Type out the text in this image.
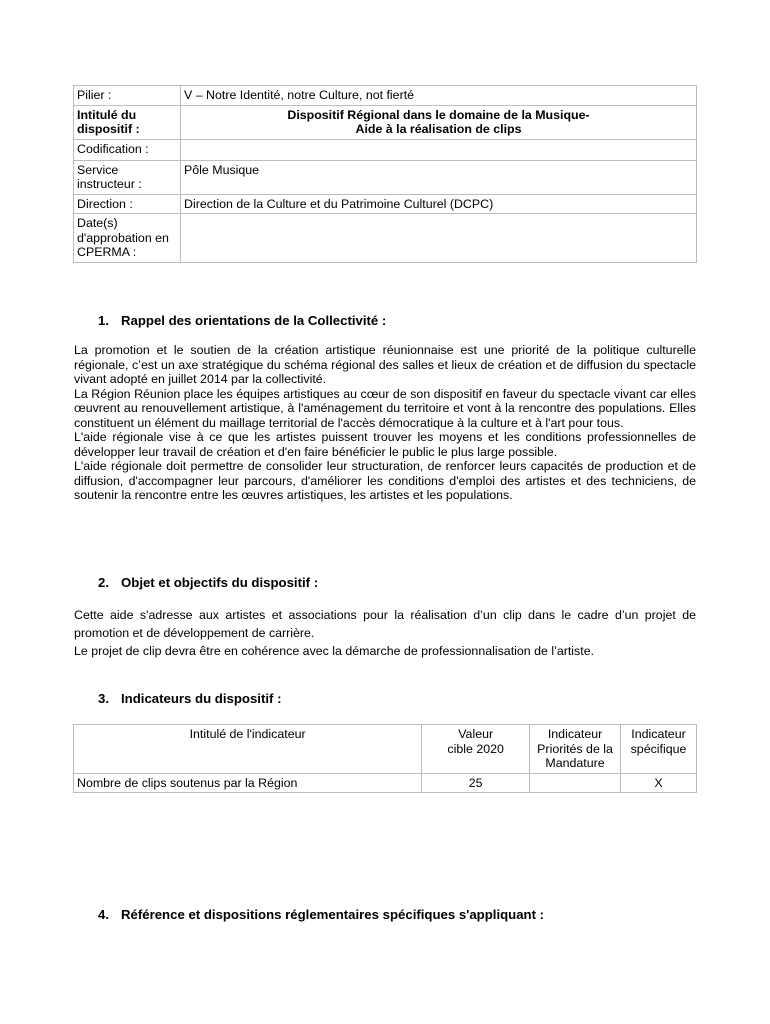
Pilier :	V – Notre Identité, notre Culture, not fierté
Intitulé du dispositif :	Dispositif Régional dans le domaine de la Musique-
Aide à la réalisation de clips

Codification :	
Service instructeur :	Pôle Musique
Direction :	Direction de la Culture et du Patrimoine Culturel (DCPC)
Date(s) d'approbation en CPERMA :	
1. Rappel des orientations de la Collectivité :

La promotion et le soutien de la création artistique réunionnaise est une priorité de la politique culturelle régionale, c’est un axe stratégique du schéma régional des salles et lieux de création et de diffusion du spectacle vivant adopté en juillet 2014 par la collectivité.

La Région Réunion place les équipes artistiques au cœur de son dispositif en faveur du spectacle vivant car elles œuvrent au renouvellement artistique, à l'aménagement du territoire et vont à la rencontre des populations. Elles constituent un élément du maillage territorial de l'accès démocratique à la culture et à l'art pour tous.

L'aide régionale vise à ce que les artistes puissent trouver les moyens et les conditions professionnelles de développer leur travail de création et d'en faire bénéficier le public le plus large possible.

L'aide régionale doit permettre de consolider leur structuration, de renforcer leurs capacités de production et de diffusion, d'accompagner leur parcours, d'améliorer les conditions d'emploi des artistes et des techniciens, de soutenir la rencontre entre les œuvres artistiques, les artistes et les populations.

2. Objet et objectifs du dispositif :

Cette aide s'adresse aux artistes et associations pour la réalisation d’un clip dans le cadre d’un projet de promotion et de développement de carrière.

Le projet de clip devra être en cohérence avec la démarche de professionnalisation de l’artiste.

3. Indicateurs du dispositif :
Intitulé de l'indicateur	Valeur cible 2020	Indicateur Priorités de la Mandature	Indicateur spécifique
Nombre de clips soutenus par la Région	25		X
4. Référence et dispositions réglementaires spécifiques s'appliquant :
